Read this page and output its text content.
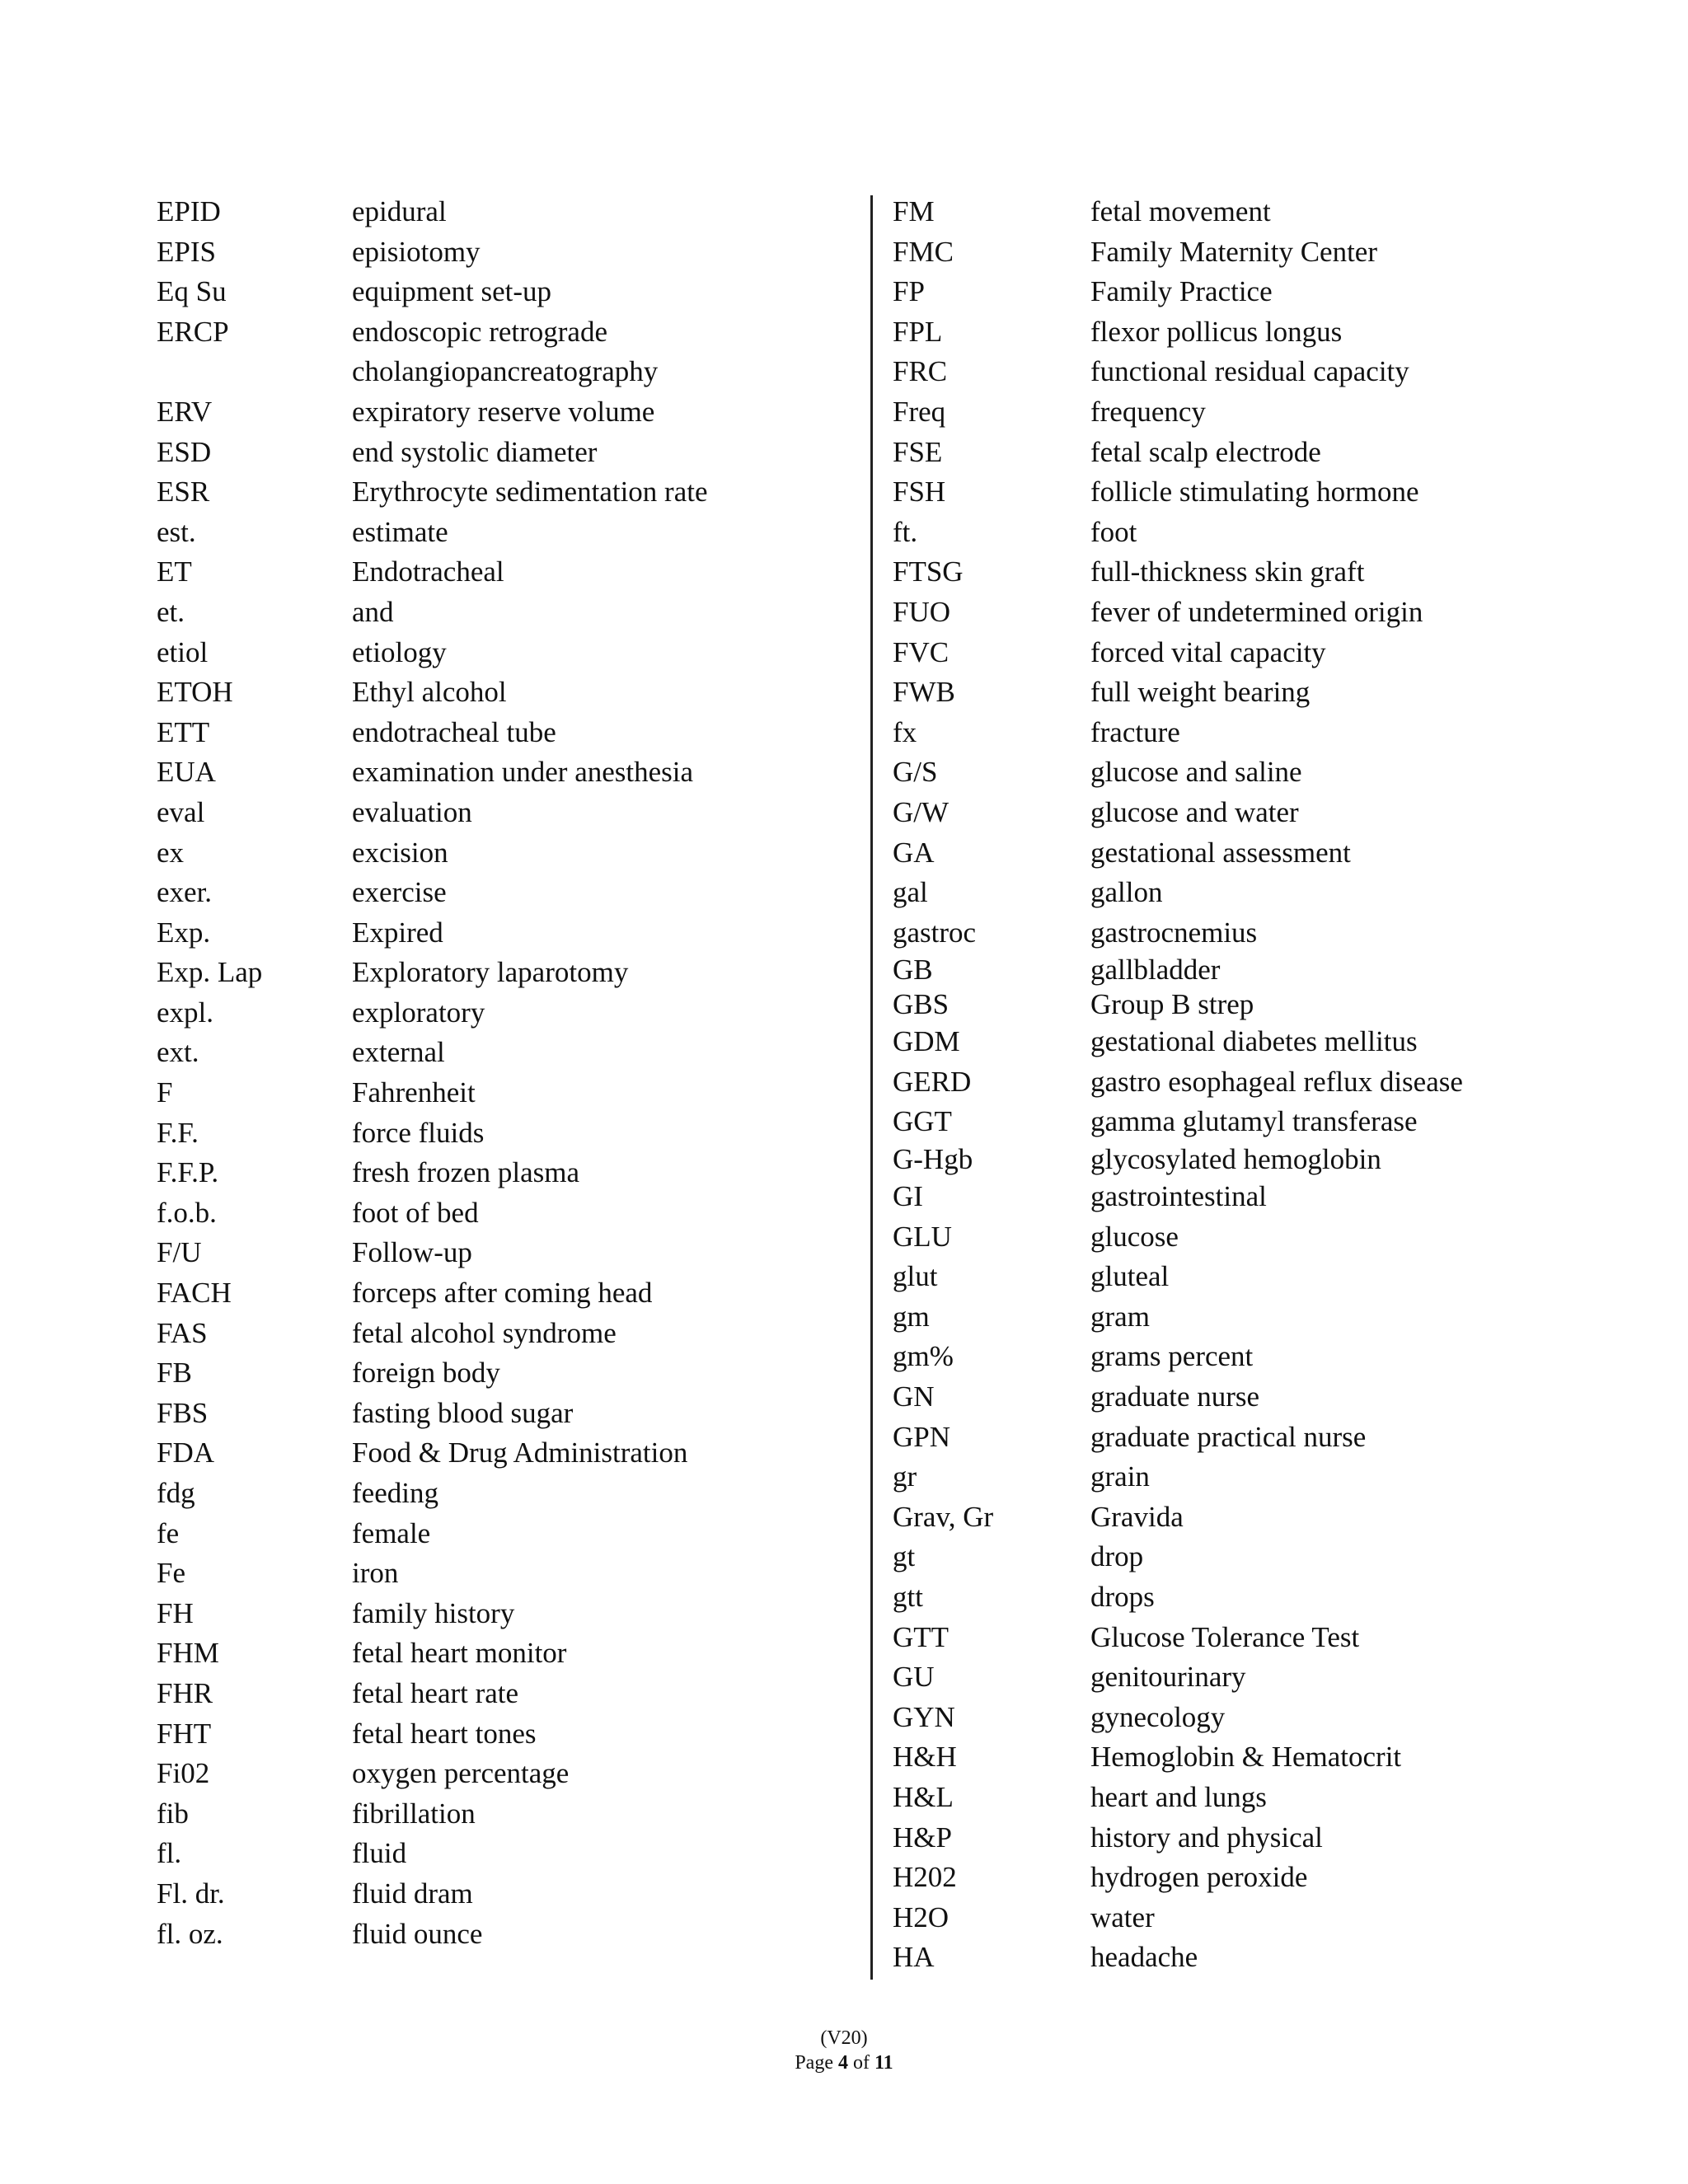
EPID	epidural
EPIS	episiotomy
Eq Su	equipment set-up
ERCP	endoscopic retrograde
cholangiopancreatography
ERV	expiratory reserve volume
ESD	end systolic diameter
ESR	Erythrocyte sedimentation rate
est.	estimate
ET	Endotracheal
et.	and
etiol	etiology
ETOH	Ethyl alcohol
ETT	endotracheal tube
EUA	examination under anesthesia
eval	evaluation
ex	excision
exer.	exercise
Exp.	Expired
Exp. Lap	Exploratory laparotomy
expl.	exploratory
ext.	external
F	Fahrenheit
F.F.	force fluids
F.F.P.	fresh frozen plasma
f.o.b.	foot of bed
F/U	Follow-up
FACH	forceps after coming head
FAS	fetal alcohol syndrome
FB	foreign body
FBS	fasting blood sugar
FDA	Food & Drug Administration
fdg	feeding
fe	female
Fe	iron
FH	family history
FHM	fetal heart monitor
FHR	fetal heart rate
FHT	fetal heart tones
Fi02	oxygen percentage
fib	fibrillation
fl.	fluid
Fl. dr.	fluid dram
fl. oz.	fluid ounce
FM	fetal movement
FMC	Family Maternity Center
FP	Family Practice
FPL	flexor pollicus longus
FRC	functional residual capacity
Freq	frequency
FSE	fetal scalp electrode
FSH	follicle stimulating hormone
ft.	foot
FTSG	full-thickness skin graft
FUO	fever of undetermined origin
FVC	forced vital capacity
FWB	full weight bearing
fx	fracture
G/S	glucose and saline
G/W	glucose and water
GA	gestational assessment
gal	gallon
gastroc	gastrocnemius
GB	gallbladder
GBS	Group B strep
GDM	gestational diabetes mellitus
GERD	gastro esophageal reflux disease
GGT	gamma glutamyl transferase
G-Hgb	glycosylated hemoglobin
GI	gastrointestinal
GLU	glucose
glut	gluteal
gm	gram
gm%	grams percent
GN	graduate nurse
GPN	graduate practical nurse
gr	grain
Grav, Gr	Gravida
gt	drop
gtt	drops
GTT	Glucose Tolerance Test
GU	genitourinary
GYN	gynecology
H&H	Hemoglobin & Hematocrit
H&L	heart and lungs
H&P	history and physical
H202	hydrogen peroxide
H2O	water
HA	headache
(V20)
Page 4 of 11
